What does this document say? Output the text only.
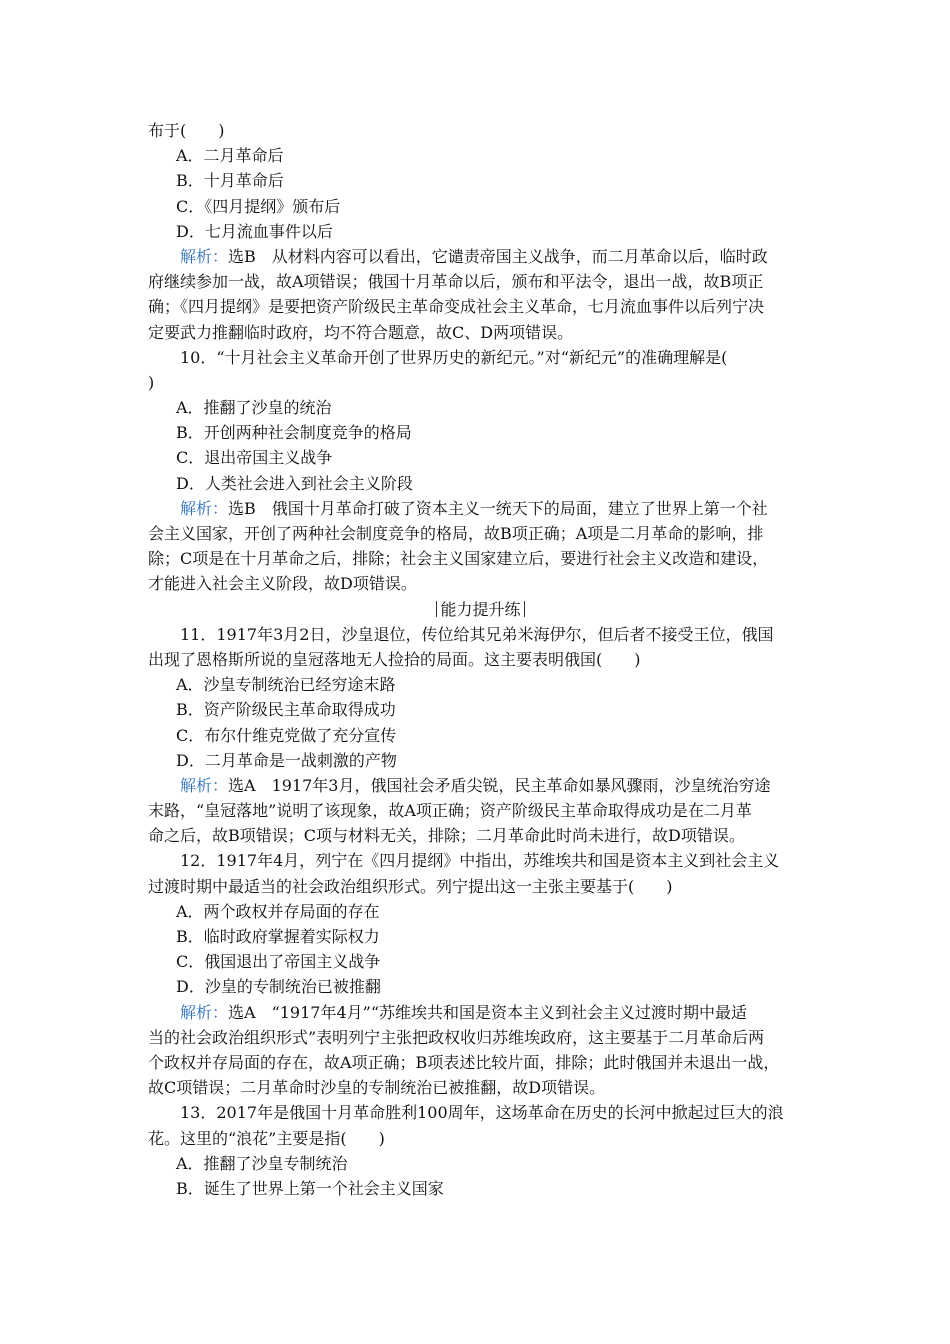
布于(　　)
A．二月革命后
B．十月革命后
C．《四月提纲》颁布后
D．七月流血事件以后
解析：选B　从材料内容可以看出，它谴责帝国主义战争，而二月革命以后，临时政
府继续参加一战，故A项错误；俄国十月革命以后，颁布和平法令，退出一战，故B项正
确；《四月提纲》是要把资产阶级民主革命变成社会主义革命，七月流血事件以后列宁决
定要武力推翻临时政府，均不符合题意，故C、D两项错误。
10．“十月社会主义革命开创了世界历史的新纪元。”对“新纪元”的准确理解是(
)
A．推翻了沙皇的统治
B．开创两种社会制度竞争的格局
C．退出帝国主义战争
D．人类社会进入到社会主义阶段
解析：选B　俄国十月革命打破了资本主义一统天下的局面，建立了世界上第一个社
会主义国家，开创了两种社会制度竞争的格局，故B项正确；A项是二月革命的影响，排
除；C项是在十月革命之后，排除；社会主义国家建立后，要进行社会主义改造和建设，
才能进入社会主义阶段，故D项错误。
能力提升练
11．1917年3月2日，沙皇退位，传位给其兄弟米海伊尔，但后者不接受王位，俄国
出现了恩格斯所说的皇冠落地无人捡拾的局面。这主要表明俄国(　　)
A．沙皇专制统治已经穷途末路
B．资产阶级民主革命取得成功
C．布尔什维克党做了充分宣传
D．二月革命是一战刺激的产物
解析：选A　1917年3月，俄国社会矛盾尖锐，民主革命如暴风骤雨，沙皇统治穷途
末路，“皇冠落地”说明了该现象，故A项正确；资产阶级民主革命取得成功是在二月革
命之后，故B项错误；C项与材料无关，排除；二月革命此时尚未进行，故D项错误。
12．1917年4月，列宁在《四月提纲》中指出，苏维埃共和国是资本主义到社会主义
过渡时期中最适当的社会政治组织形式。列宁提出这一主张主要基于(　　)
A．两个政权并存局面的存在
B．临时政府掌握着实际权力
C．俄国退出了帝国主义战争
D．沙皇的专制统治已被推翻
解析：选A　“1917年4月”“苏维埃共和国是资本主义到社会主义过渡时期中最适
当的社会政治组织形式”表明列宁主张把政权收归苏维埃政府，这主要基于二月革命后两
个政权并存局面的存在，故A项正确；B项表述比较片面，排除；此时俄国并未退出一战，
故C项错误；二月革命时沙皇的专制统治已被推翻，故D项错误。
13．2017年是俄国十月革命胜利100周年，这场革命在历史的长河中掀起过巨大的浪
花。这里的“浪花”主要是指(　　)
A．推翻了沙皇专制统治
B．诞生了世界上第一个社会主义国家
